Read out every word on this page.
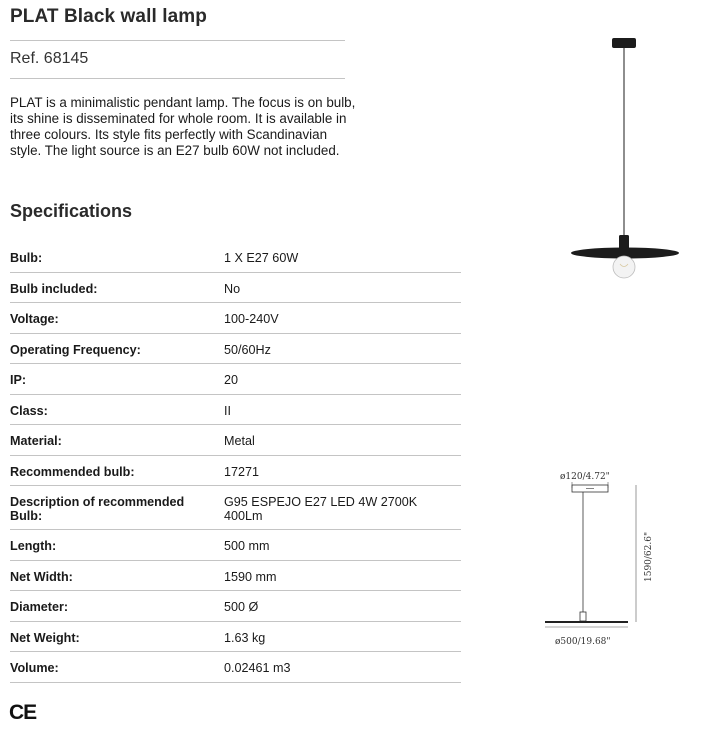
PLAT Black wall lamp
Ref. 68145

PLAT is a minimalistic pendant lamp. The focus is on bulb, its shine is disseminated for whole room. It is available in three colours. Its style fits perfectly with Scandinavian style. The light source is an E27 bulb 60W not included.

Specifications
Bulb:	1 X E27 60W
Bulb included:	No
Voltage:	100-240V
Operating Frequency:	50/60Hz
IP:	20
Class:	II
Material:	Metal
Recommended bulb:	17271
Description of recommended Bulb:
G95 ESPEJO E27 LED 4W 2700K 400Lm
Length:	500 mm
Net Width:	1590 mm
Diameter:	500 Ø
Net Weight:	1.63 kg
Volume:	0.02461 m3
CE
ø120/4.72"
ø500/19.68"
1590/62.6"
